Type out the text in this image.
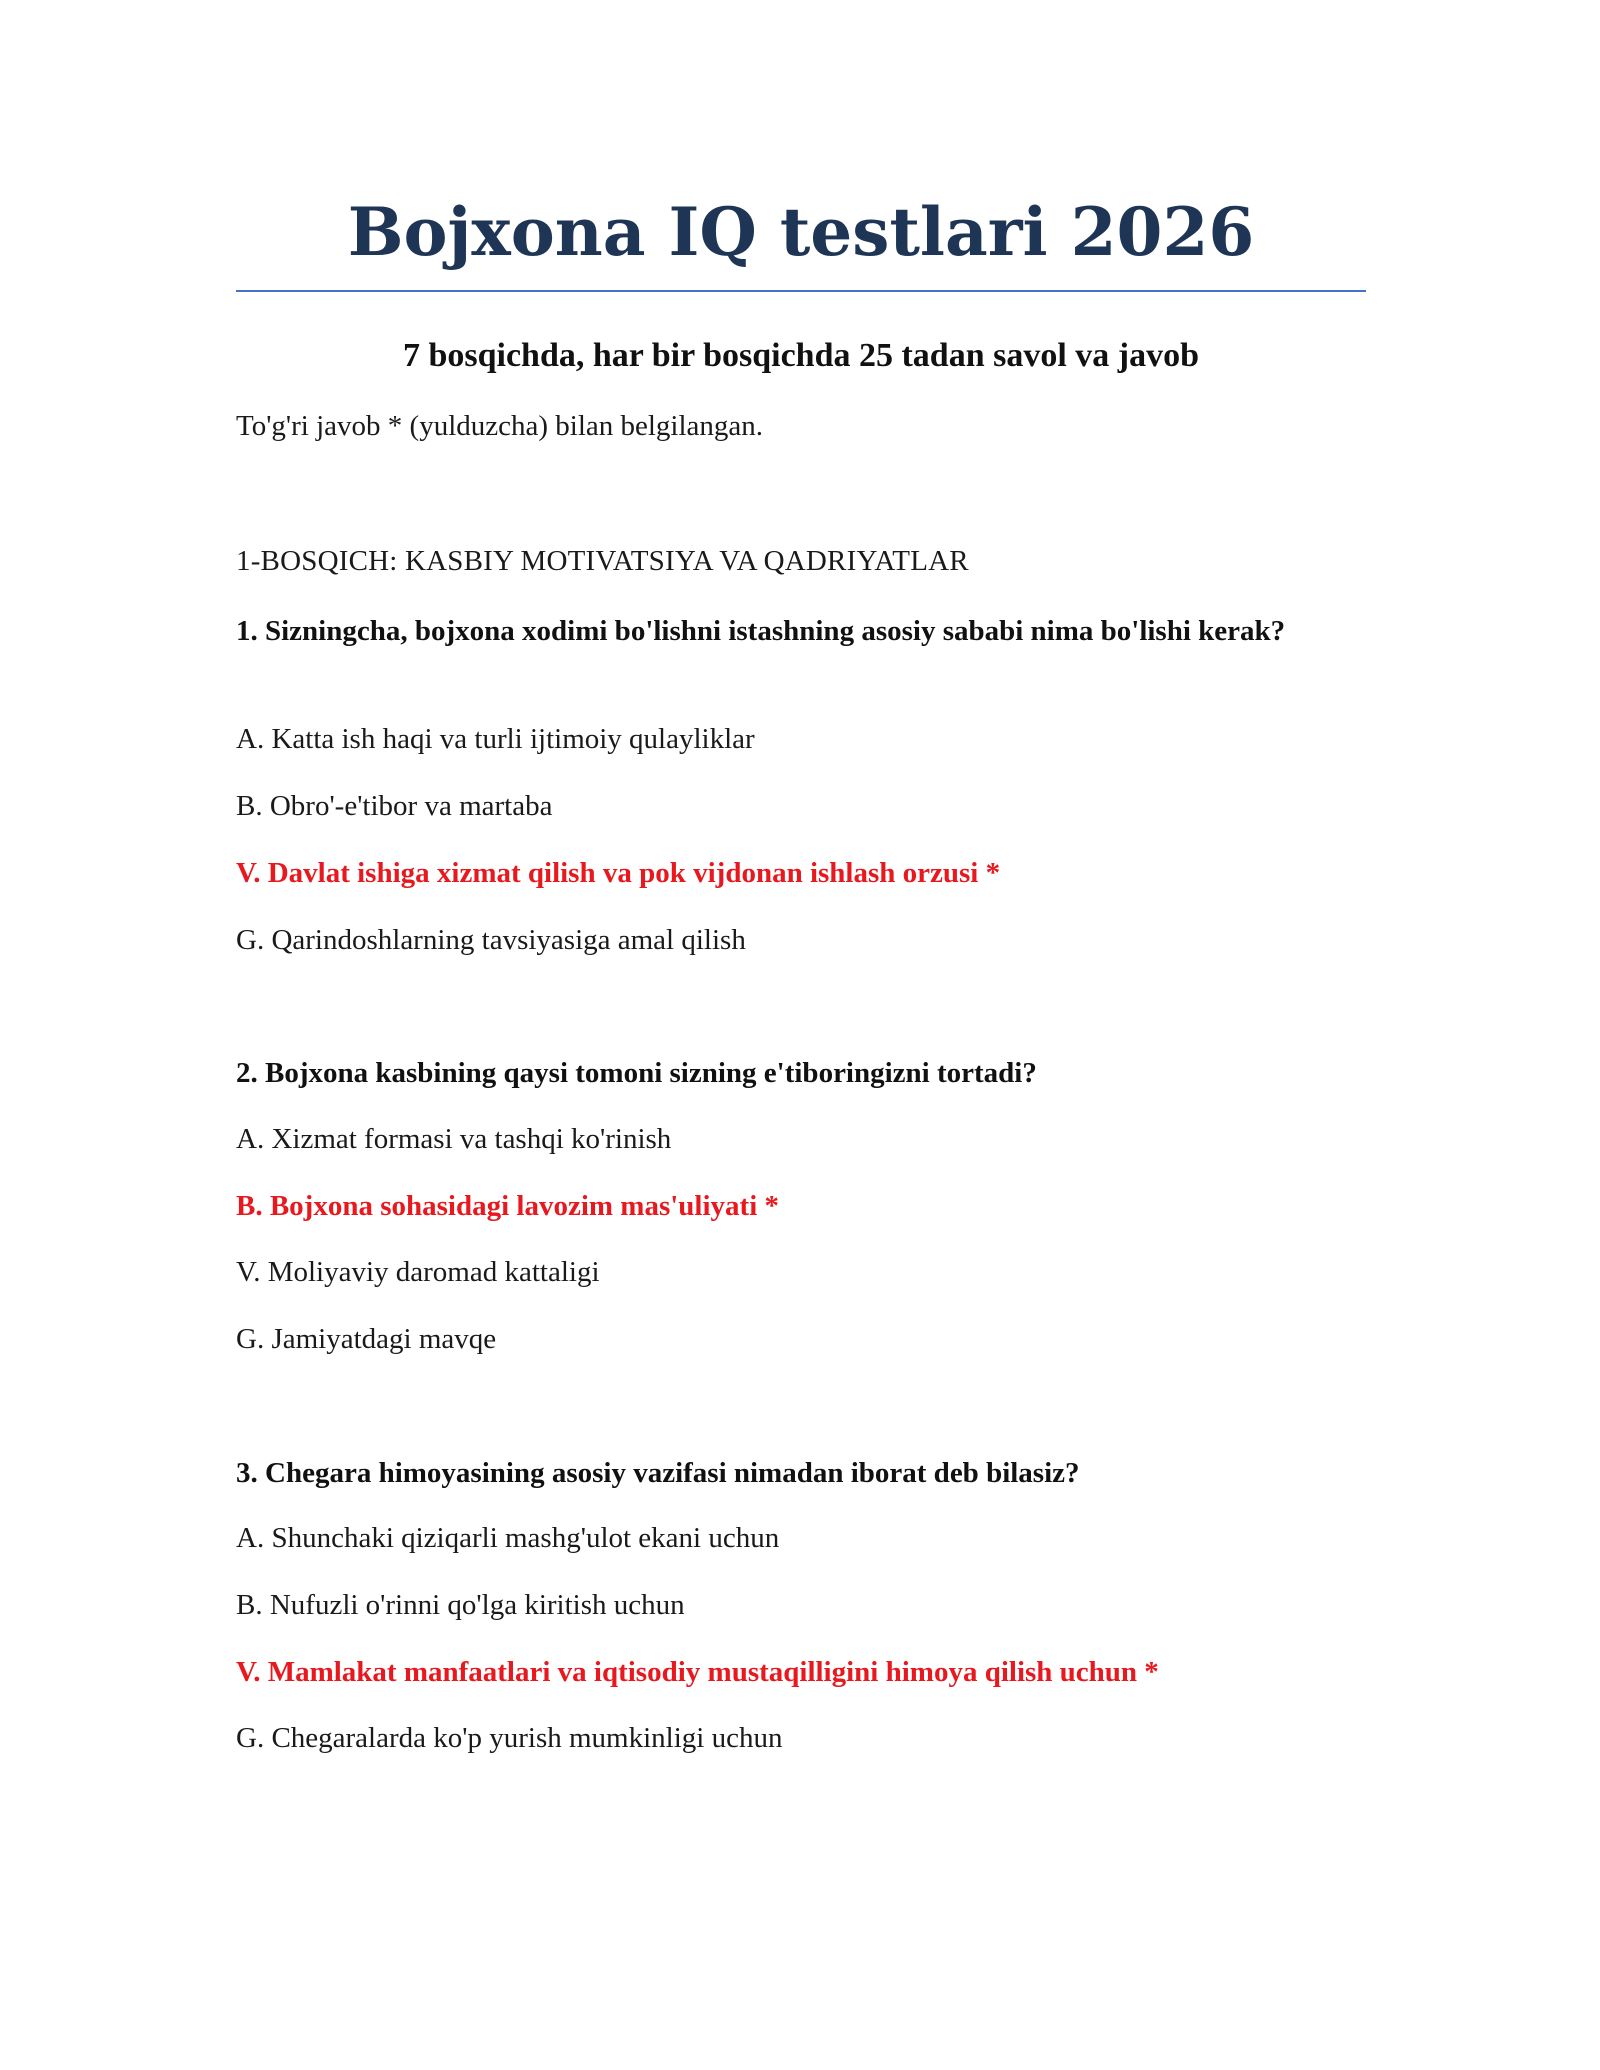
Bojxona IQ testlari 2026
7 bosqichda, har bir bosqichda 25 tadan savol va javob
To'g'ri javob * (yulduzcha) bilan belgilangan.
1-BOSQICH: KASBIY MOTIVATSIYA VA QADRIYATLAR
1. Sizningcha, bojxona xodimi bo'lishni istashning asosiy sababi nima bo'lishi kerak?
A. Katta ish haqi va turli ijtimoiy qulayliklar
B. Obro'-e'tibor va martaba
V. Davlat ishiga xizmat qilish va pok vijdonan ishlash orzusi *
G. Qarindoshlarning tavsiyasiga amal qilish
2. Bojxona kasbining qaysi tomoni sizning e'tiboringizni tortadi?
A. Xizmat formasi va tashqi ko'rinish
B. Bojxona sohasidagi lavozim mas'uliyati *
V. Moliyaviy daromad kattaligi
G. Jamiyatdagi mavqe
3. Chegara himoyasining asosiy vazifasi nimadan iborat deb bilasiz?
A. Shunchaki qiziqarli mashg'ulot ekani uchun
B. Nufuzli o'rinni qo'lga kiritish uchun
V. Mamlakat manfaatlari va iqtisodiy mustaqilligini himoya qilish uchun *
G. Chegaralarda ko'p yurish mumkinligi uchun
